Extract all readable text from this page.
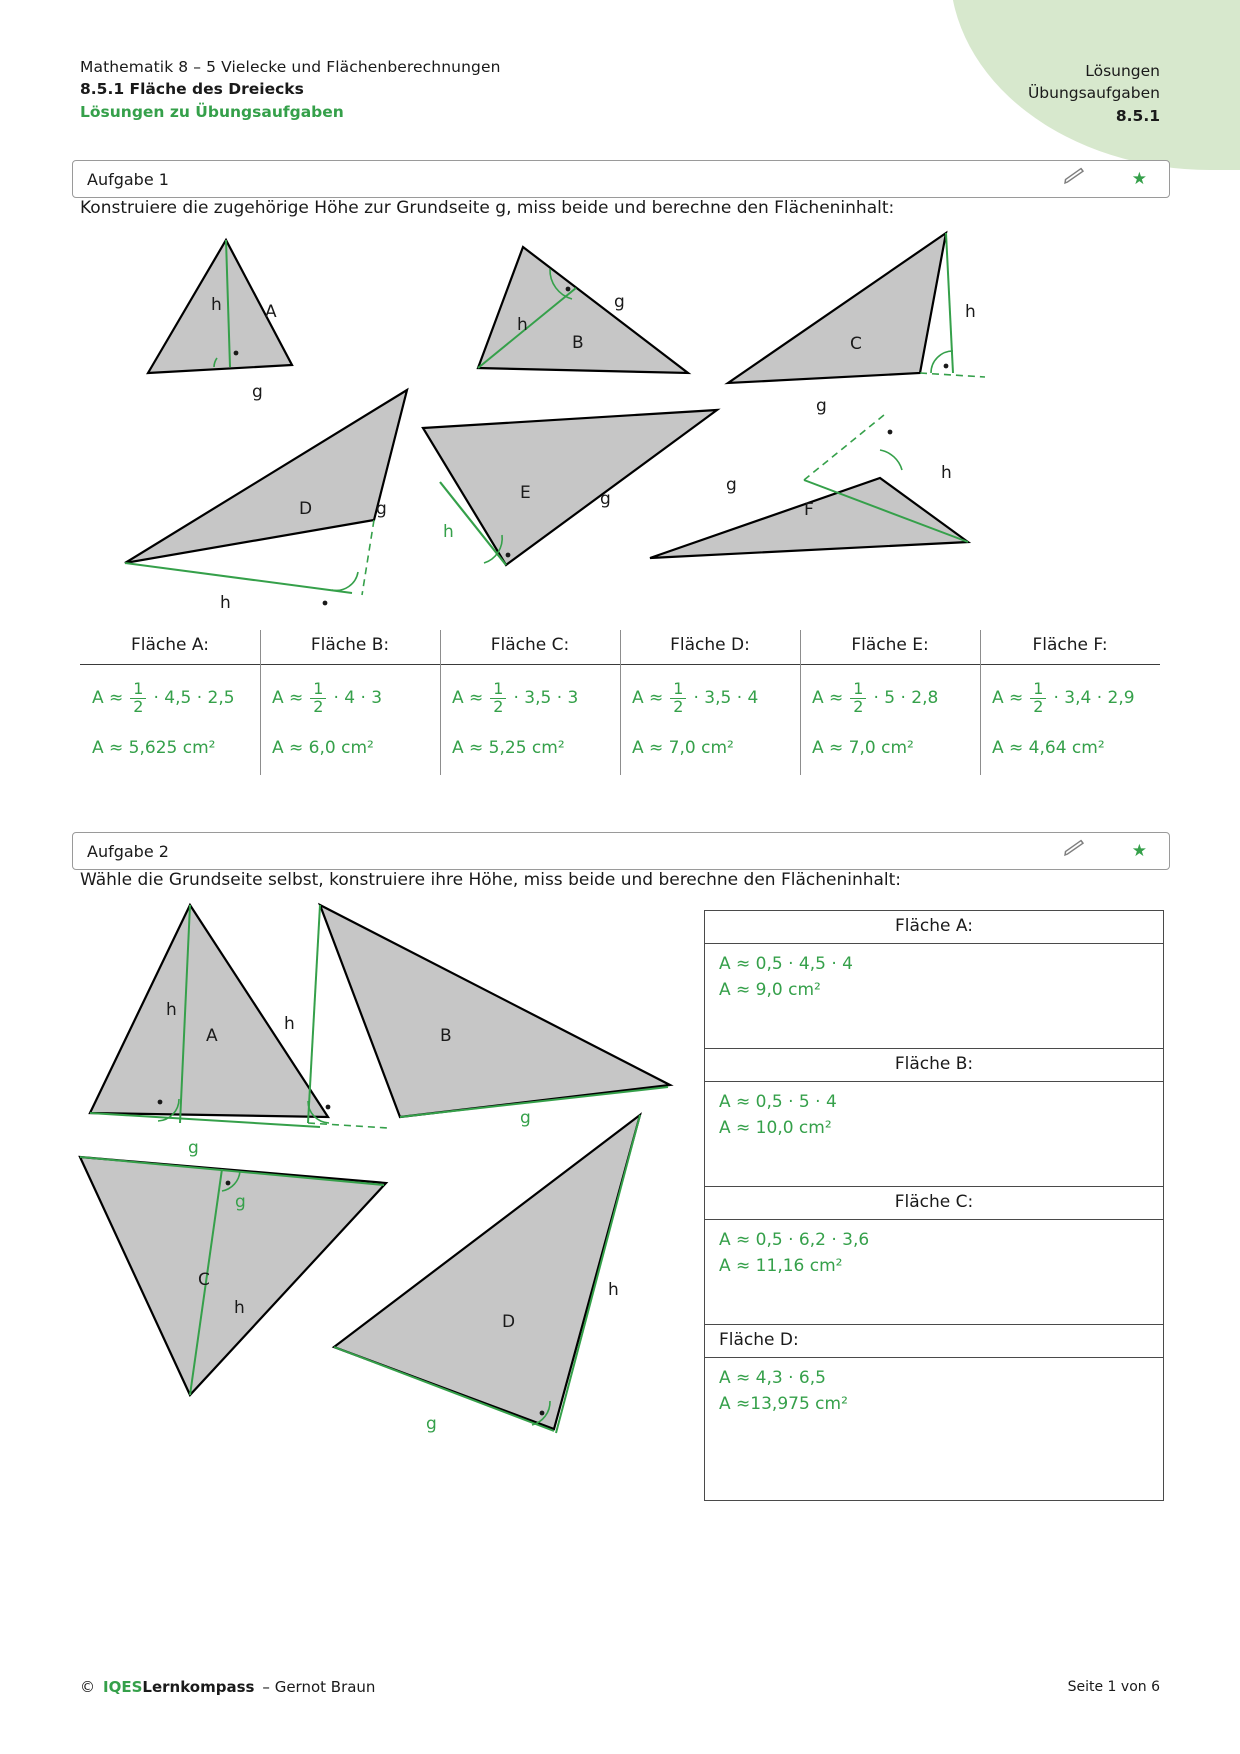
Mathematik 8 – 5 Vielecke und Flächenberechnungen
8.5.1 Fläche des Dreiecks
Lösungen zu Übungsaufgaben
Lösungen
Übungsaufgaben
8.5.1
Aufgabe 1	★
Konstruiere die zugehörige Höhe zur Grundseite g, miss beide und berechne den Flächeninhalt:
h	A
g
h
B
g	h
C
g
D	g
h
E	g
h
F
g
h
Fläche A:	Fläche B:	Fläche C:	Fläche D:	Fläche E:	Fläche F:
$A \approx \frac{1}{2} \cdot 4,5 \cdot 2,5$
A ≈ 5,625 cm²
$A \approx \frac{1}{2} \cdot 4 \cdot 3$
A ≈ 6,0 cm²
$A \approx \frac{1}{2} \cdot 3,5 \cdot 3$
A ≈ 5,25 cm²
$A \approx \frac{1}{2} \cdot 3,5 \cdot 4$
A ≈ 7,0 cm²
$A \approx \frac{1}{2} \cdot 5 \cdot 2,8$
A ≈ 7,0 cm²
$A \approx \frac{1}{2} \cdot 3,4 \cdot 2,9$
A ≈ 4,64 cm²
Aufgabe 2	★
Wähle die Grundseite selbst, konstruiere ihre Höhe, miss beide und berechne den Flächeninhalt:
h
A
g
h
B
g
g
C
h
D
h
g
Fläche A:
A ≈ 0,5 · 4,5 · 4
A ≈ 9,0 cm²
Fläche B:
A ≈ 0,5 · 5 · 4
A ≈ 10,0 cm²
Fläche C:
A ≈ 0,5 · 6,2 · 3,6
A ≈ 11,16 cm²
Fläche D:
A ≈ 4,3 · 6,5
A ≈13,975 cm²
© IQES Lernkompass – Gernot Braun	Seite 1 von 6
